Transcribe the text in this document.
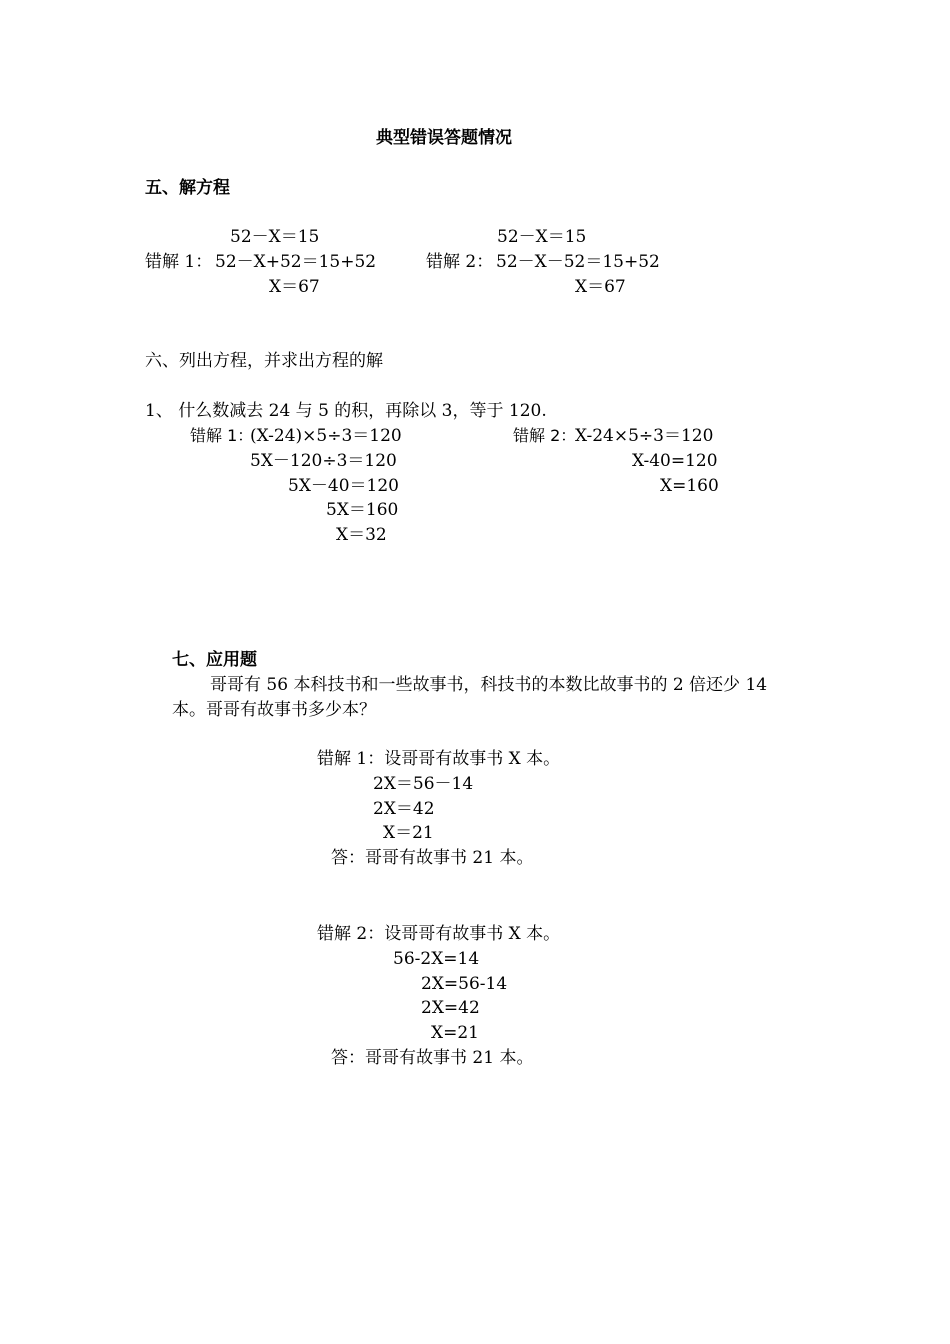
典型错误答题情况
五、解方程
52－X＝15
错解 1： 52－X+52＝15+52
X＝67
52－X＝15
错解 2： 52－X－52＝15+52
X＝67
六、列出方程，并求出方程的解
1、 什么数减去 24 与 5 的积，再除以 3，等于 120.
错解 1：
(X-24)×5÷3＝120
5X－120÷3＝120
5X－40＝120
5X＝160
X＝32
错解 2：
X-24×5÷3＝120
X-40=120
X=160
七、应用题
哥哥有 56 本科技书和一些故事书，科技书的本数比故事书的 2 倍还少 14
本。哥哥有故事书多少本？
错解 1：设哥哥有故事书 X 本。
2X＝56－14
2X＝42
X＝21
答：哥哥有故事书 21 本。
错解 2：设哥哥有故事书 X 本。
56-2X=14
2X=56-14
2X=42
X=21
答：哥哥有故事书 21 本。
